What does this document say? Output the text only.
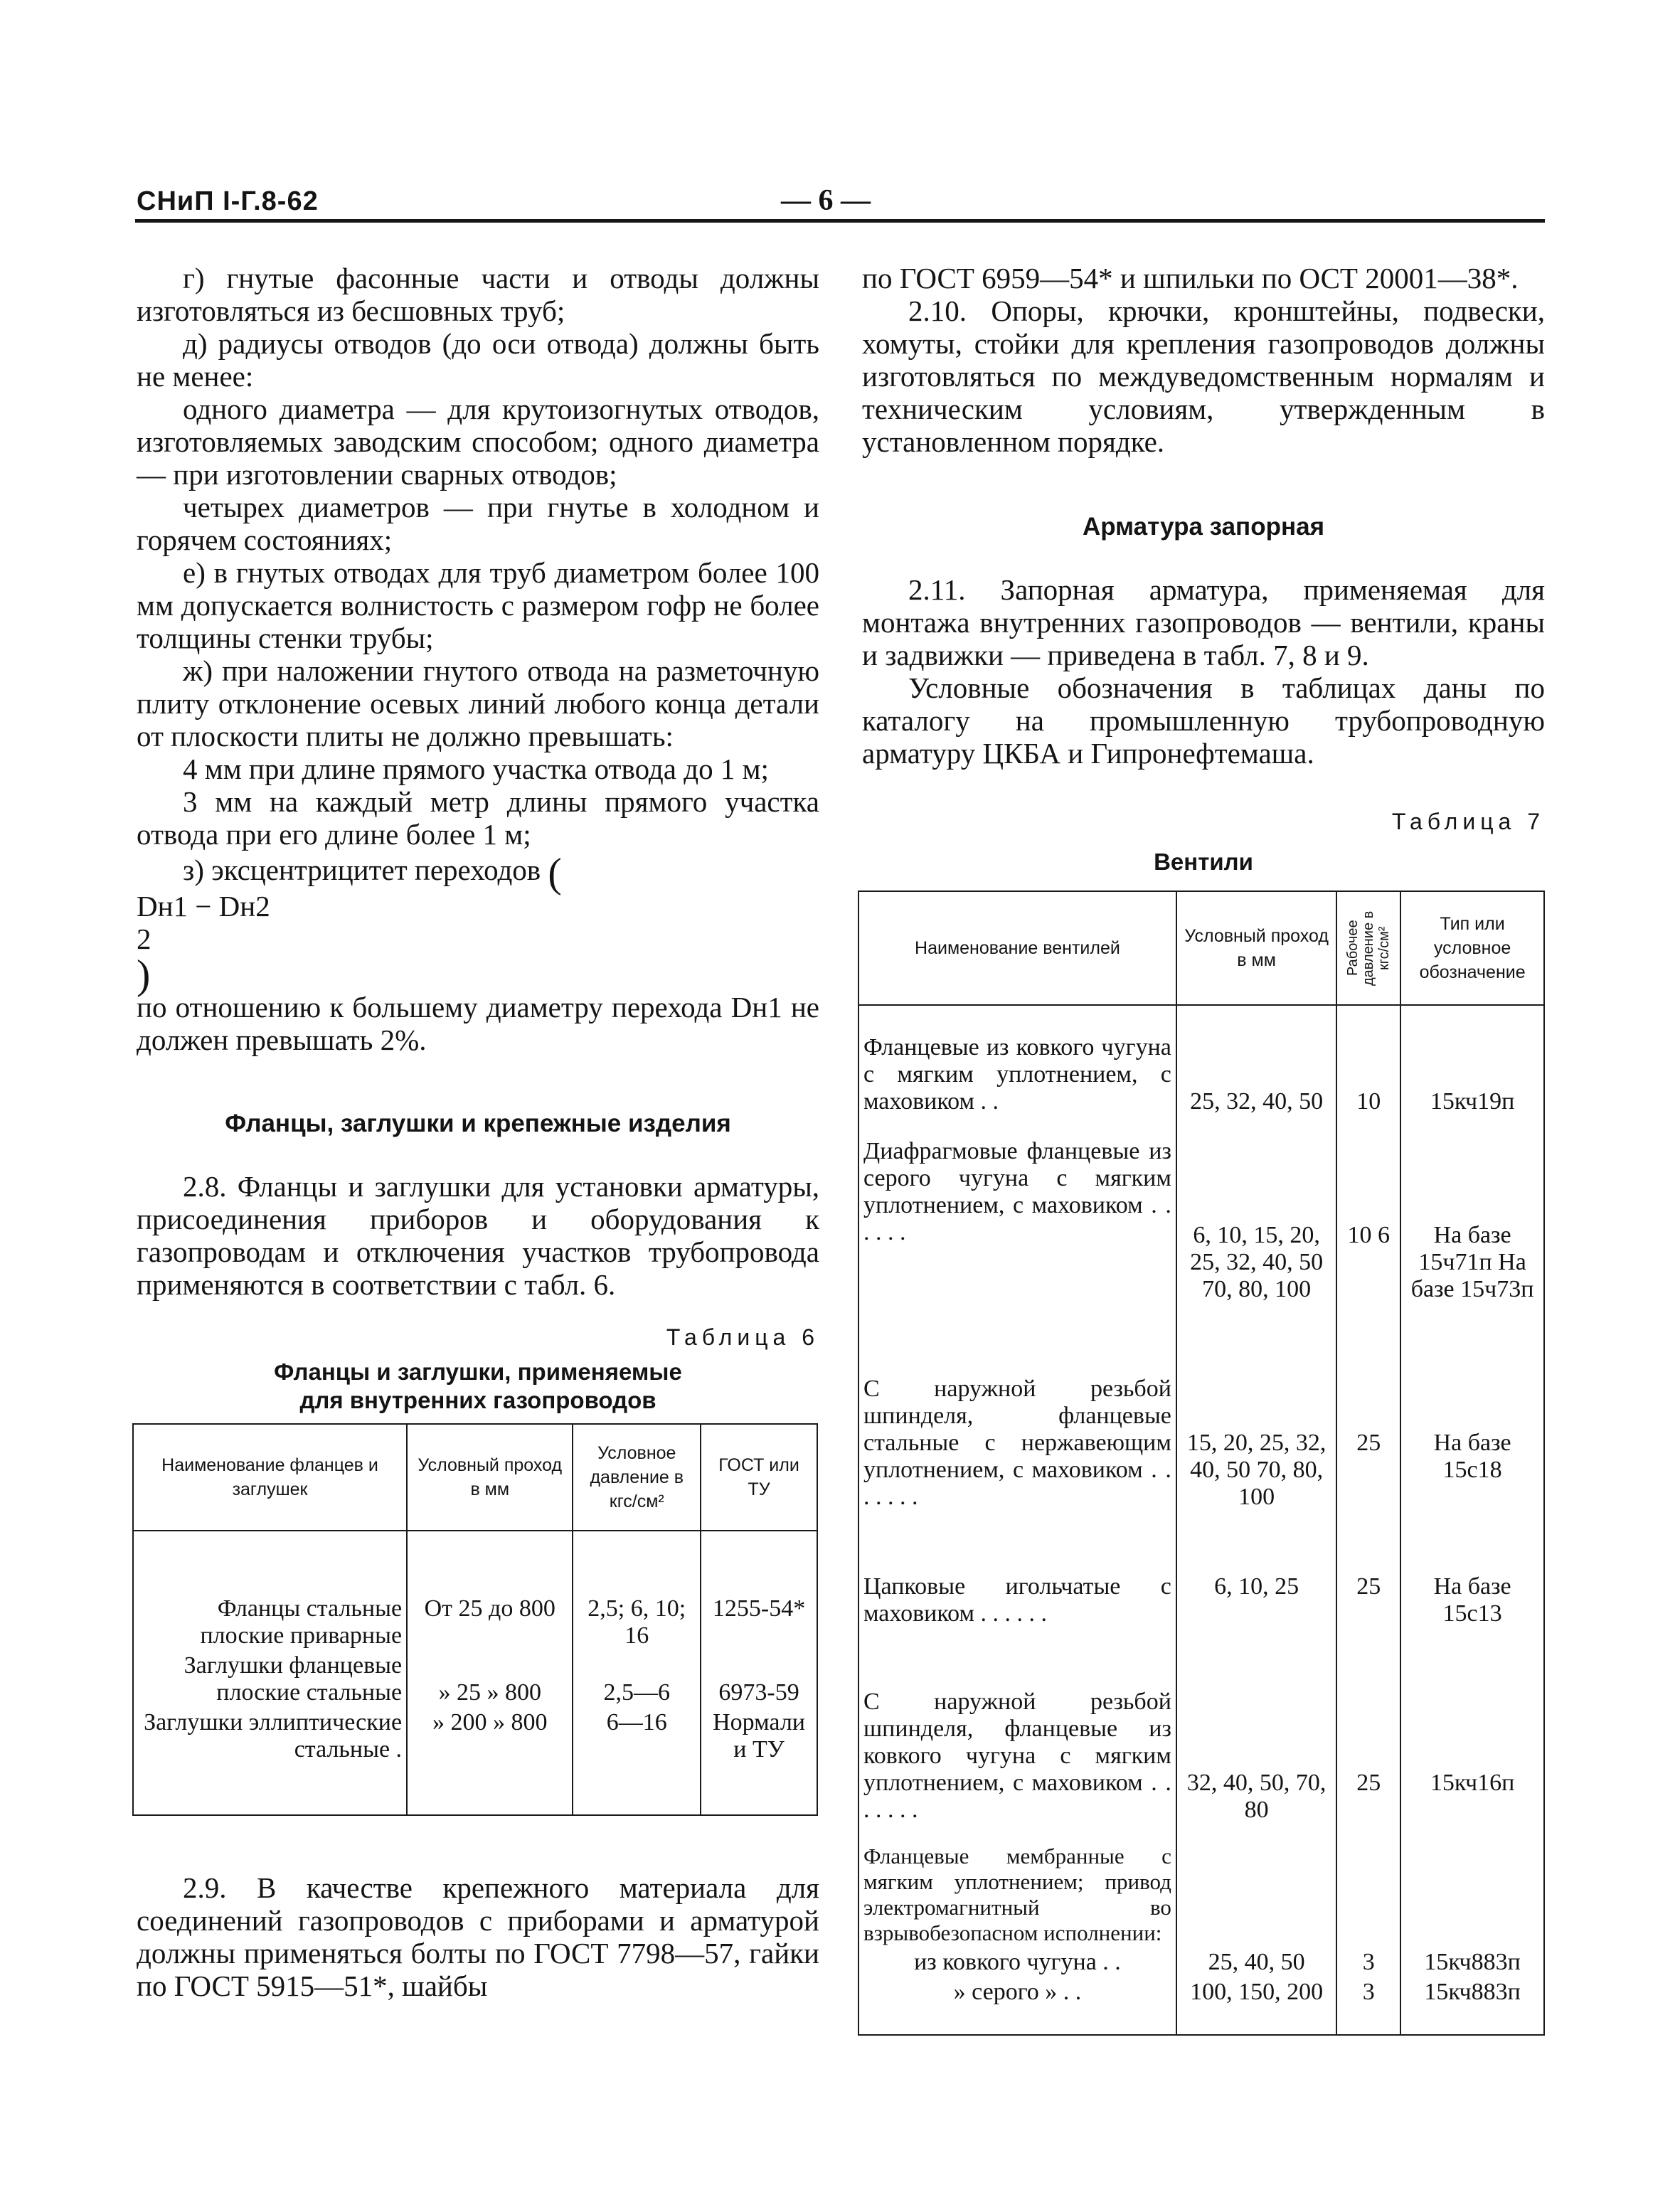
СНиП I-Г.8-62	— 6 —

г) гнутые фасонные части и отводы должны изготовляться из бесшовных труб;

д) радиусы отводов (до оси отвода) должны быть не менее:

одного диаметра — для крутоизогнутых отводов, изготовляемых заводским способом; одного диаметра — при изготовлении сварных отводов;

четырех диаметров — при гнутье в холодном и горячем состояниях;

е) в гнутых отводах для труб диаметром более 100 мм допускается волнистость с размером гофр не более толщины стенки трубы;

ж) при наложении гнутого отвода на разметочную плиту отклонение осевых линий любого конца детали от плоскости плиты не должно превышать:

4 мм при длине прямого участка отвода до 1 м;

3 мм на каждый метр длины прямого участка отвода при его длине более 1 м;

з) эксцентрицитет переходов (

Dн1 − Dн2
2
)

по отношению к большему диаметру перехода Dн1 не должен превышать 2%.

Фланцы, заглушки и крепежные изделия

2.8. Фланцы и заглушки для установки арматуры, присоединения приборов и оборудования к газопроводам и отключения участков трубопровода применяются в соответствии с табл. 6.

Таблица 6
Фланцы и заглушки, применяемые
для внутренних газопроводов
Наименование фланцев и заглушек	Условный проход в мм	Условное давление в кгс/см²	ГОСТ или ТУ
Фланцы стальные плоские приварные	От 25 до 800	2,5; 6, 10; 16	1255-54*
Заглушки фланцевые плоские стальные	» 25 » 800	2,5—6	6973-59
Заглушки эллиптические стальные .	» 200 » 800	6—16	Нормали и ТУ

2.9. В качестве крепежного материала для соединений газопроводов с приборами и арматурой должны применяться болты по ГОСТ 7798—57, гайки по ГОСТ 5915—51*, шайбы

по ГОСТ 6959—54* и шпильки по ОСТ 20001—38*.

2.10. Опоры, крючки, кронштейны, подвески, хомуты, стойки для крепления газопроводов должны изготовляться по междуведомственным нормалям и техническим условиям, утвержденным в установленном порядке.

Арматура запорная

2.11. Запорная арматура, применяемая для монтажа внутренних газопроводов — вентили, краны и задвижки — приведена в табл. 7, 8 и 9.

Условные обозначения в таблицах даны по каталогу на промышленную трубопроводную арматуру ЦКБА и Гипронефтемаша.

Таблица 7
Вентили
Наименование вентилей	Условный проход в мм	Рабочее давление в кгс/см²	Тип или условное обозначение
Фланцевые из ковкого чугуна с мягким уплотнением, с маховиком . .	25, 32, 40, 50	10	15кч19п
Диафрагмовые фланцевые из серого чугуна с мягким уплотнением, с маховиком . . . . . .	6, 10, 15, 20, 25, 32, 40, 50 70, 80, 100	10 6	На базе 15ч71п На базе 15ч73п
С наружной резьбой шпинделя, фланцевые стальные с нержавеющим уплотнением, с маховиком . . . . . . .	15, 20, 25, 32, 40, 50 70, 80, 100	25	На базе 15с18
Цапковые игольчатые с маховиком . . . . . .	6, 10, 25	25	На базе 15с13
С наружной резьбой шпинделя, фланцевые из ковкого чугуна с мягким уплотнением, с маховиком . . . . . . .	32, 40, 50, 70, 80	25	15кч16п
Фланцевые мембранные с мягким уплотнением; привод электромагнитный во взрывобезопасном исполнении:			
из ковкого чугуна . .	25, 40, 50	3	15кч883п
» серого » . .	100, 150, 200	3	15кч883п
